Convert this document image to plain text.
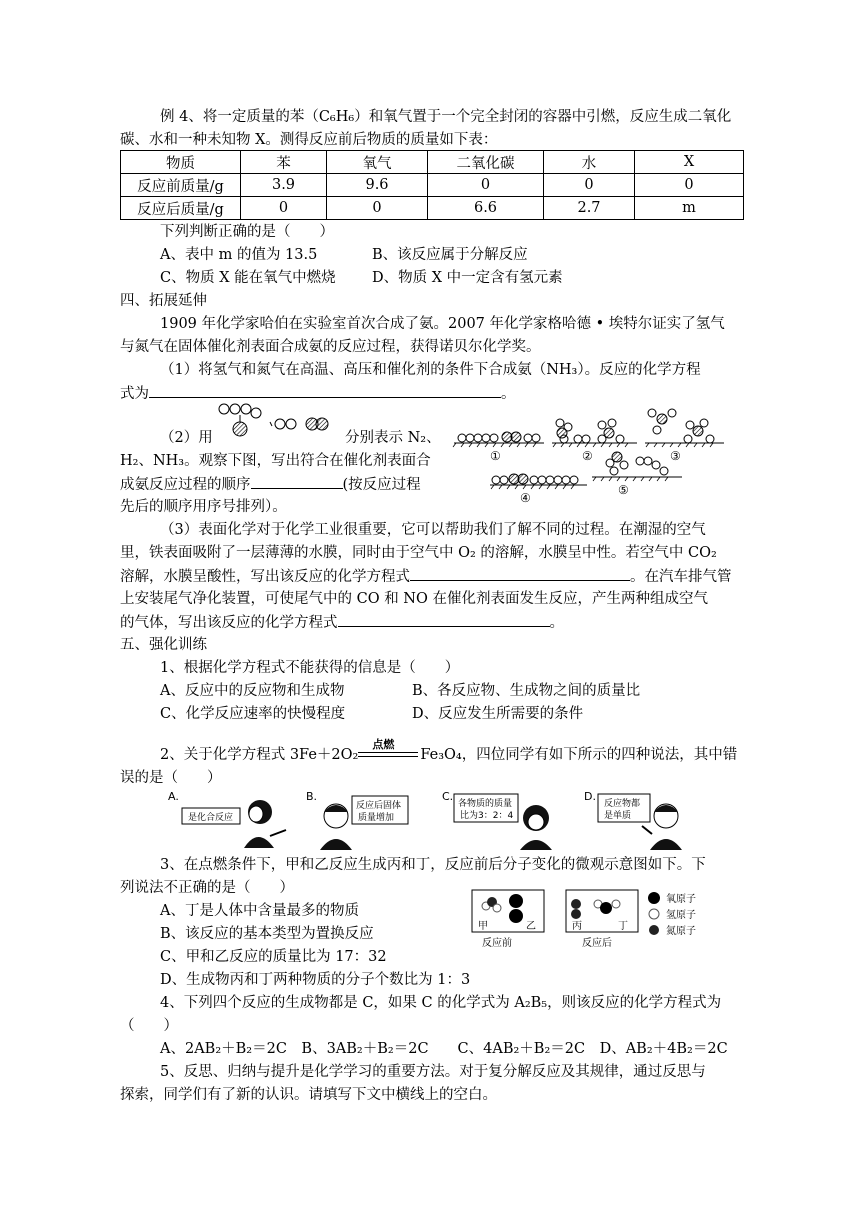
例 4、将一定质量的苯（C₆H₆）和氧气置于一个完全封闭的容器中引燃，反应生成二氧化
碳、水和一种未知物 X。测得反应前后物质的质量如下表：
物质	苯	氧气	二氧化碳	水	X
反应前质量/g	3.9	9.6	0	0	0
反应后质量/g	0	0	6.6	2.7	m
下列判断正确的是（　　）
A、表中 m 的值为 13.5	B、该反应属于分解反应
C、物质 X 能在氧气中燃烧	D、物质 X 中一定含有氢元素
四、拓展延伸
1909 年化学家哈伯在实验室首次合成了氨。2007 年化学家格哈德 • 埃特尔证实了氢气
与氮气在固体催化剂表面合成氨的反应过程，获得诺贝尔化学奖。
（1）将氢气和氮气在高温、高压和催化剂的条件下合成氨（NH₃）。反应的化学方程
式为	。
（2）用	分别表示 N₂、
H₂、NH₃。观察下图，写出符合在催化剂表面合
成氨反应过程的顺序	(按反应过程
先后的顺序用序号排列）。
①	②	③
④
⑤
（3）表面化学对于化学工业很重要，它可以帮助我们了解不同的过程。在潮湿的空气
里，铁表面吸附了一层薄薄的水膜，同时由于空气中 O₂ 的溶解，水膜呈中性。若空气中 CO₂
溶解，水膜呈酸性，写出该反应的化学方程式	。在汽车排气管
上安装尾气净化装置，可使尾气中的 CO 和 NO 在催化剂表面发生反应，产生两种组成空气
的气体，写出该反应的化学方程式	。
五、强化训练
1、根据化学方程式不能获得的信息是（　　）
A、反应中的反应物和生成物	B、各反应物、生成物之间的质量比
C、化学反应速率的快慢程度	D、反应发生所需要的条件
2、关于化学方程式 3Fe＋2O₂
点燃
Fe₃O₄，四位同学有如下所示的四种说法，其中错
误的是（　　）
A.
是化合反应
B.
反应后固体
质量增加
C.
各物质的质量
比为3：2：4
D.
反应物都
是单质
3、在点燃条件下，甲和乙反应生成丙和丁，反应前后分子变化的微观示意图如下。下
列说法不正确的是（　　）
A、丁是人体中含量最多的物质
B、该反应的基本类型为置换反应
C、甲和乙反应的质量比为 17：32
D、生成物丙和丁两种物质的分子个数比为 1：3
甲	乙	丙	丁
反应前	反应后
氧原子
氢原子
氮原子
4、下列四个反应的生成物都是 C，如果 C 的化学式为 A₂B₅，则该反应的化学方程式为
（　　）
A、2AB₂＋B₂＝2C　B、3AB₂＋B₂＝2C　　C、4AB₂＋B₂＝2C　D、AB₂＋4B₂＝2C
5、反思、归纳与提升是化学学习的重要方法。对于复分解反应及其规律，通过反思与
探索，同学们有了新的认识。请填写下文中横线上的空白。
